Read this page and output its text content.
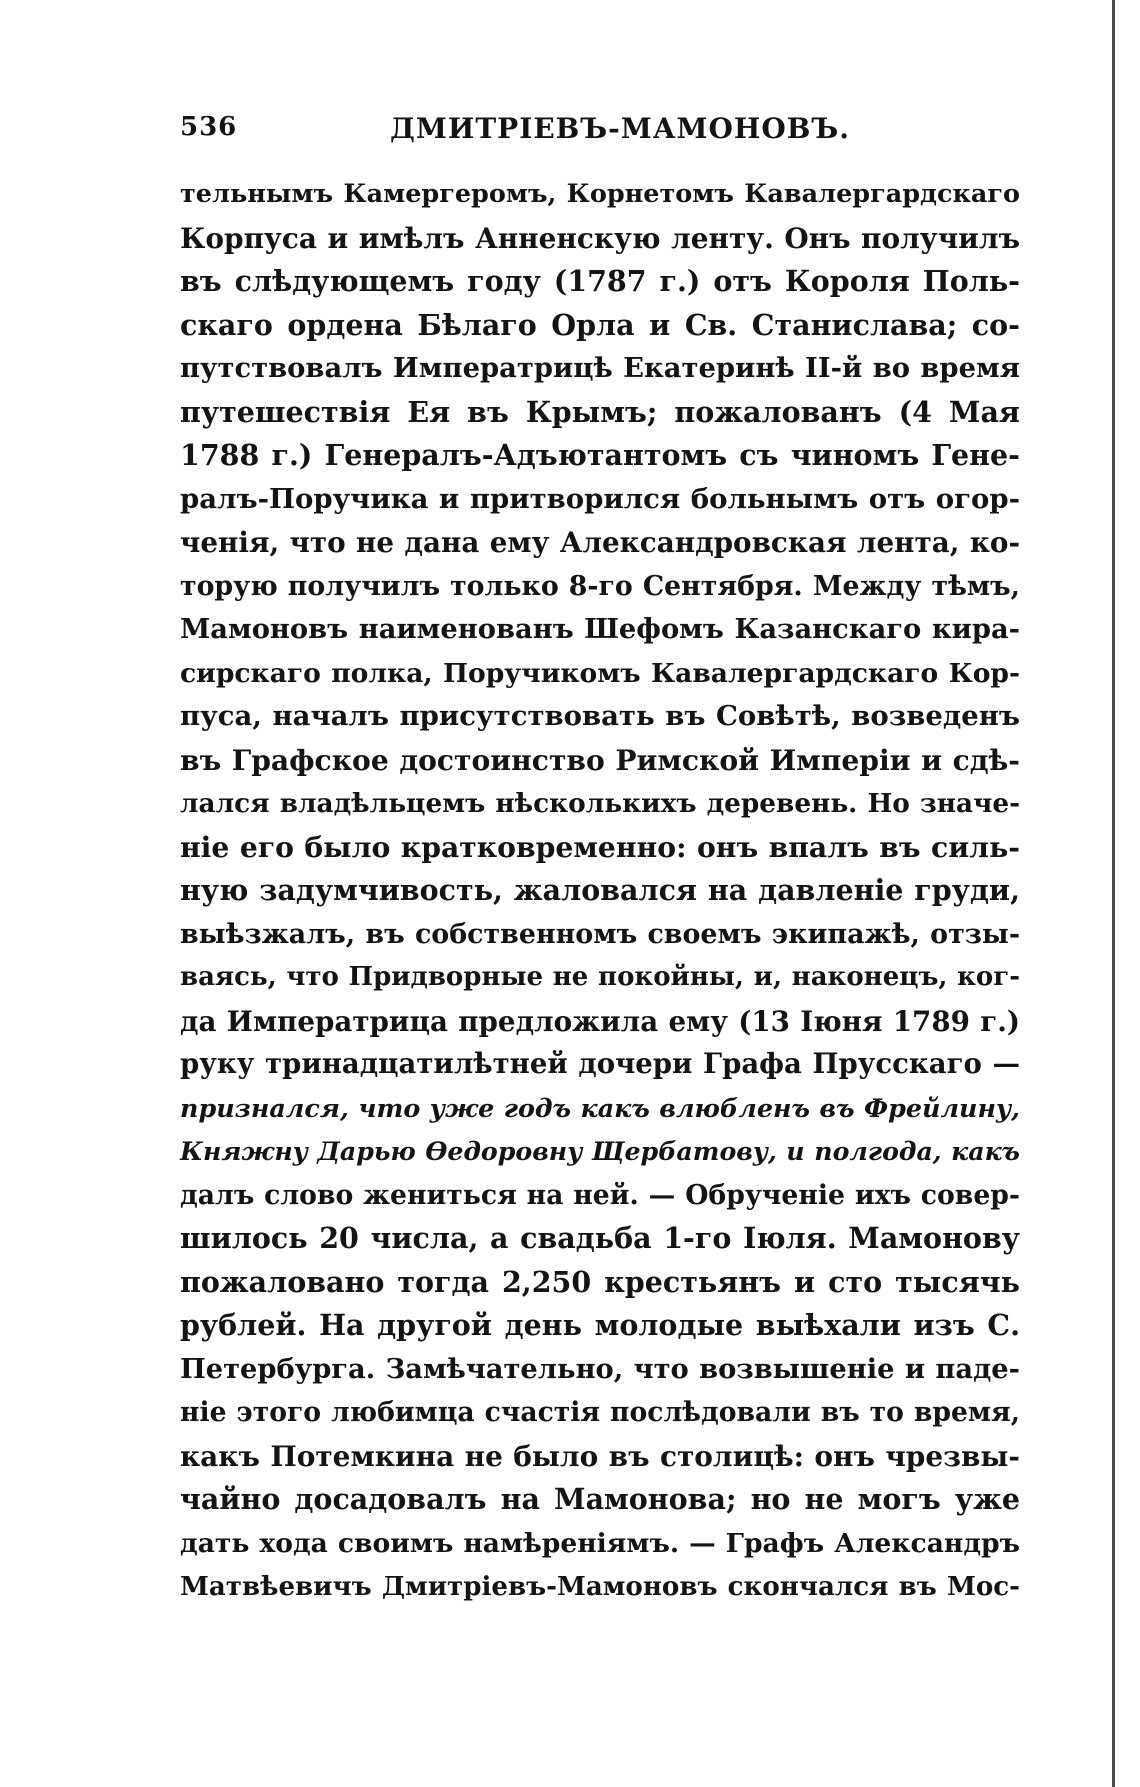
536	ДМИТРІЕВЪ-МАМОНОВЪ.
тельнымъ Камергеромъ, Корнетомъ Кавалергардскаго
Корпуса и имѣлъ Анненскую ленту. Онъ получилъ
въ слѣдующемъ году (1787 г.) отъ Короля Поль-
скаго ордена Бѣлаго Орла и Св. Станислава; со-
путствовалъ Императрицѣ Екатеринѣ II-й во время
путешествія Ея въ Крымъ; пожалованъ (4 Мая
1788 г.) Генералъ-Адъютантомъ съ чиномъ Гене-
ралъ-Поручика и притворился больнымъ отъ огор-
ченія, что не дана ему Александровская лента, ко-
торую получилъ только 8-го Сентября. Между тѣмъ,
Мамоновъ наименованъ Шефомъ Казанскаго кира-
сирскаго полка, Поручикомъ Кавалергардскаго Кор-
пуса, началъ присутствовать въ Совѣтѣ, возведенъ
въ Графское достоинство Римской Имперіи и сдѣ-
лался владѣльцемъ нѣсколькихъ деревень. Но значе-
ніе его было кратковременно: онъ впалъ въ силь-
ную задумчивость, жаловался на давленіе груди,
выѣзжалъ, въ собственномъ своемъ экипажѣ, отзы-
ваясь, что Придворные не покойны, и, наконецъ, ког-
да Императрица предложила ему (13 Іюня 1789 г.)
руку тринадцатилѣтней дочери Графа Прусскаго —
признался, что уже годъ какъ влюбленъ въ Фрейлину,
Княжну Дарью Ѳедоровну Щербатову, и полгода, какъ
далъ слово жениться на ней. — Обрученіе ихъ совер-
шилось 20 числа, а свадьба 1-го Іюля. Мамонову
пожаловано тогда 2,250 крестьянъ и сто тысячь
рублей. На другой день молодые выѣхали изъ С.
Петербурга. Замѣчательно, что возвышеніе и паде-
ніе этого любимца счастія послѣдовали въ то время,
какъ Потемкина не было въ столицѣ: онъ чрезвы-
чайно досадовалъ на Мамонова; но не могъ уже
дать хода своимъ намѣреніямъ. — Графъ Александръ
Матвѣевичъ Дмитріевъ-Мамоновъ скончался въ Мос-
